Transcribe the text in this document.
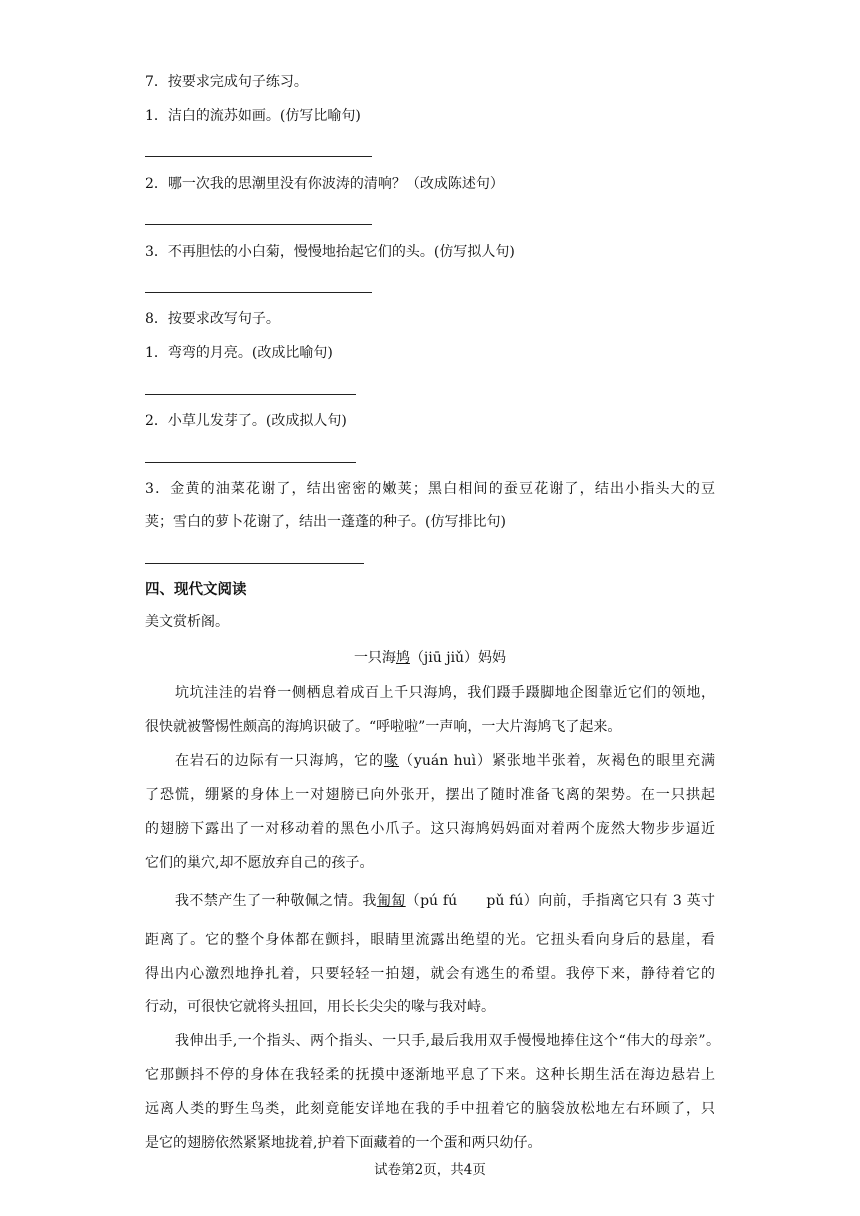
7．按要求完成句子练习。
1．洁白的流苏如画。(仿写比喻句)
2．哪一次我的思潮里没有你波涛的清响？（改成陈述句）
3．不再胆怯的小白菊，慢慢地抬起它们的头。(仿写拟人句)
8．按要求改写句子。
1．弯弯的月亮。(改成比喻句)
2．小草儿发芽了。(改成拟人句)
3．金黄的油菜花谢了，结出密密的嫩荚；黑白相间的蚕豆花谢了，结出小指头大的豆
荚；雪白的萝卜花谢了，结出一蓬蓬的种子。(仿写排比句)
四、现代文阅读
美文赏析阁。
一只海鸠（jiū jiǔ）妈妈
坑坑洼洼的岩脊一侧栖息着成百上千只海鸠，我们蹑手蹑脚地企图靠近它们的领地，
很快就被警惕性颇高的海鸠识破了。“呼啦啦”一声响，一大片海鸠飞了起来。
在岩石的边际有一只海鸠，它的喙（yuán huì）紧张地半张着，灰褐色的眼里充满
了恐慌，绷紧的身体上一对翅膀已向外张开，摆出了随时准备飞离的架势。在一只拱起
的翅膀下露出了一对移动着的黑色小爪子。这只海鸠妈妈面对着两个庞然大物步步逼近
它们的巢穴,却不愿放弃自己的孩子。
我不禁产生了一种敬佩之情。我匍匐（pú fú　　pǔ fú）向前，手指离它只有 3 英寸
距离了。它的整个身体都在颤抖，眼睛里流露出绝望的光。它扭头看向身后的悬崖，看
得出内心激烈地挣扎着，只要轻轻一拍翅，就会有逃生的希望。我停下来，静待着它的
行动，可很快它就将头扭回，用长长尖尖的喙与我对峙。
我伸出手,一个指头、两个指头、一只手,最后我用双手慢慢地捧住这个“伟大的母亲”。
它那颤抖不停的身体在我轻柔的抚摸中逐渐地平息了下来。这种长期生活在海边悬岩上
远离人类的野生鸟类，此刻竟能安详地在我的手中扭着它的脑袋放松地左右环顾了，只
是它的翅膀依然紧紧地拢着,护着下面藏着的一个蛋和两只幼仔。
试卷第2页，共4页
